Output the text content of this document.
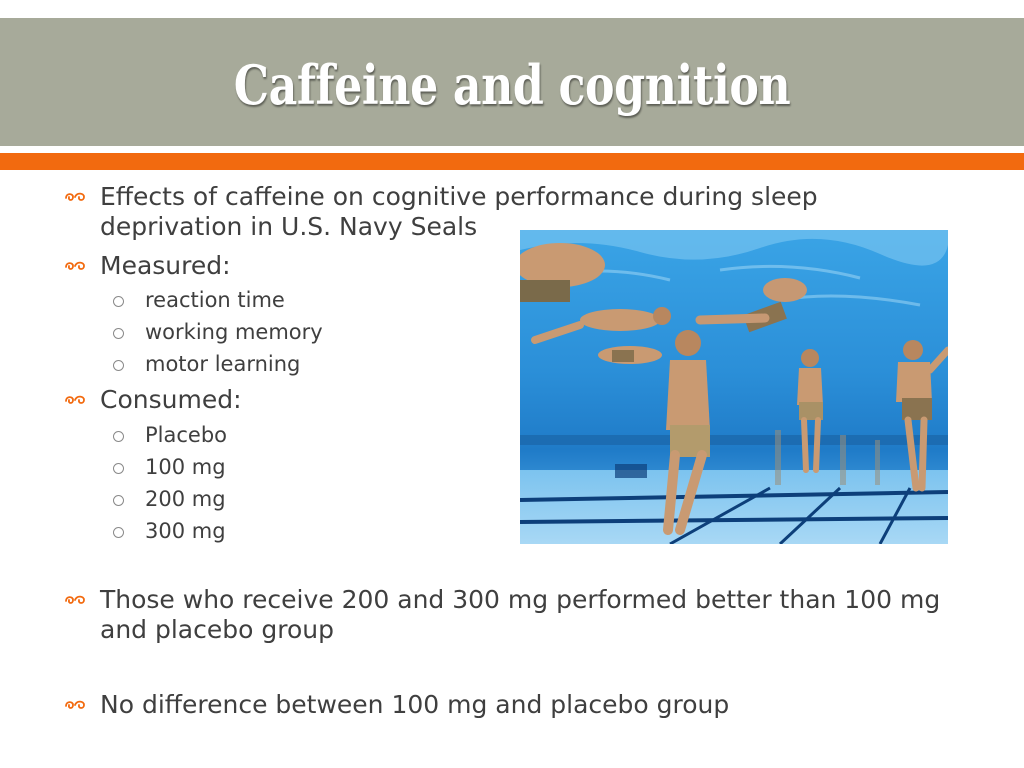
Caffeine and cognition
Effects of caffeine on cognitive performance during sleep deprivation in U.S. Navy Seals
Measured:
reaction time
working memory
motor learning
Consumed:
Placebo
100 mg
200 mg
300 mg
Those who receive 200 and 300 mg performed better than 100 mg and placebo group
No difference between 100 mg and placebo group
